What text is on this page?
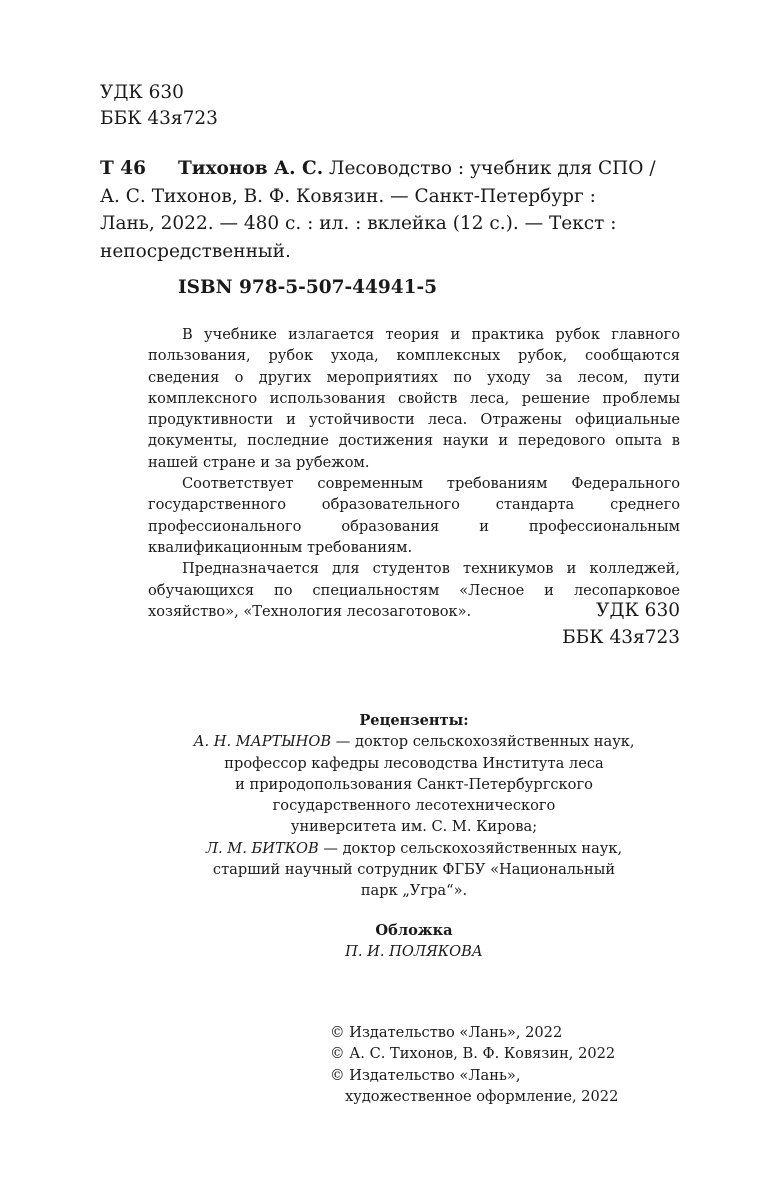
УДК 630
ББК 43я723
Т 46 Тихонов А. С. Лесоводство : учебник для СПО /
А. С. Тихонов, В. Ф. Ковязин. — Санкт-Петербург :
Лань, 2022. — 480 с. : ил. : вклейка (12 с.). — Текст :
непосредственный.
ISBN 978-5-507-44941-5

В учебнике излагается теория и практика рубок главного пользования, рубок ухода, комплексных рубок, сообщаются сведения о других мероприятиях по уходу за лесом, пути комплексного использования свойств леса, решение проблемы продуктивности и устойчивости леса. Отражены официальные документы, последние достижения науки и передового опыта в нашей стране и за рубежом.

Соответствует современным требованиям Федерального государственного образовательного стандарта среднего профессионального образования и профессиональным квалификационным требованиям.

Предназначается для студентов техникумов и колледжей, обучающихся по специальностям «Лесное и лесопарковое хозяйство», «Технология лесозаготовок».	УДК 630
ББК 43я723
Рецензенты:
А. Н. МАРТЫНОВ — доктор сельскохозяйственных наук,
профессор кафедры лесоводства Института леса
и природопользования Санкт-Петербургского
государственного лесотехнического
университета им. С. М. Кирова;
Л. М. БИТКОВ — доктор сельскохозяйственных наук,
старший научный сотрудник ФГБУ «Национальный
парк „Угра“».
Обложка
П. И. ПОЛЯКОВА
© Издательство «Лань», 2022
© А. С. Тихонов, В. Ф. Ковязин, 2022
© Издательство «Лань»,
художественное оформление, 2022
